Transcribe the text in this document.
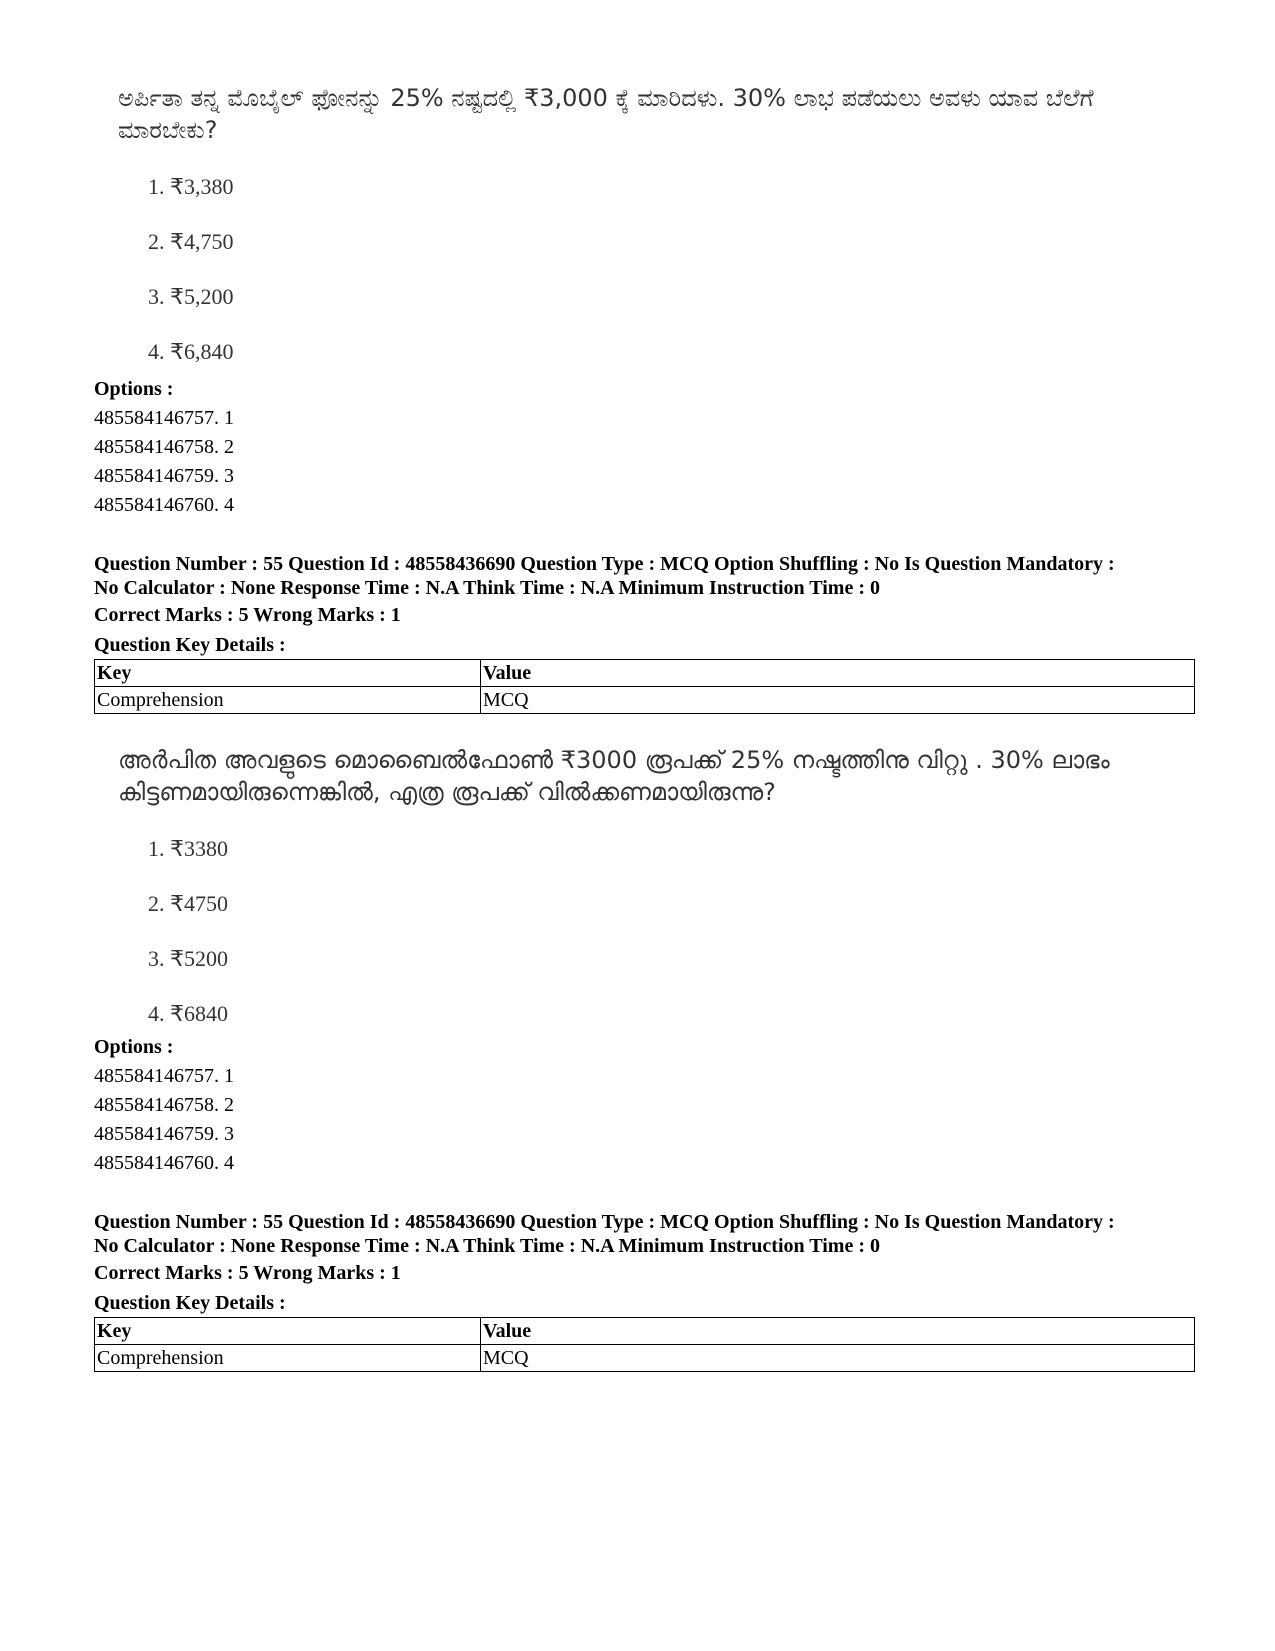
ಅರ್ಪಿತಾ ತನ್ನ ಮೊಬೈಲ್ ಫೋನನ್ನು 25% ನಷ್ಟದಲ್ಲಿ ₹3,000 ಕ್ಕೆ ಮಾರಿದಳು. 30% ಲಾಭ ಪಡೆಯಲು ಅವಳು ಯಾವ ಬೆಲೆಗೆ ಮಾರಬೇಕು?

1. ₹3,380
2. ₹4,750
3. ₹5,200
4. ₹6,840
Options :
485584146757. 1
485584146758. 2
485584146759. 3
485584146760. 4
Question Number : 55 Question Id : 48558436690 Question Type : MCQ Option Shuffling : No Is Question Mandatory :
No Calculator : None Response Time : N.A Think Time : N.A Minimum Instruction Time : 0
Correct Marks : 5 Wrong Marks : 1
Question Key Details :
Key	Value
Comprehension	MCQ

അർപിത അവളുടെ മൊബൈൽഫോൺ ₹3000 രൂപക്ക് 25% നഷ്ടത്തിനു വിറ്റു . 30% ലാഭം കിട്ടണമായിരുന്നെങ്കിൽ, എത്ര രൂപക്ക് വിൽക്കണമായിരുന്നു?

1. ₹3380
2. ₹4750
3. ₹5200
4. ₹6840
Options :
485584146757. 1
485584146758. 2
485584146759. 3
485584146760. 4
Question Number : 55 Question Id : 48558436690 Question Type : MCQ Option Shuffling : No Is Question Mandatory :
No Calculator : None Response Time : N.A Think Time : N.A Minimum Instruction Time : 0
Correct Marks : 5 Wrong Marks : 1
Question Key Details :
Key	Value
Comprehension	MCQ
